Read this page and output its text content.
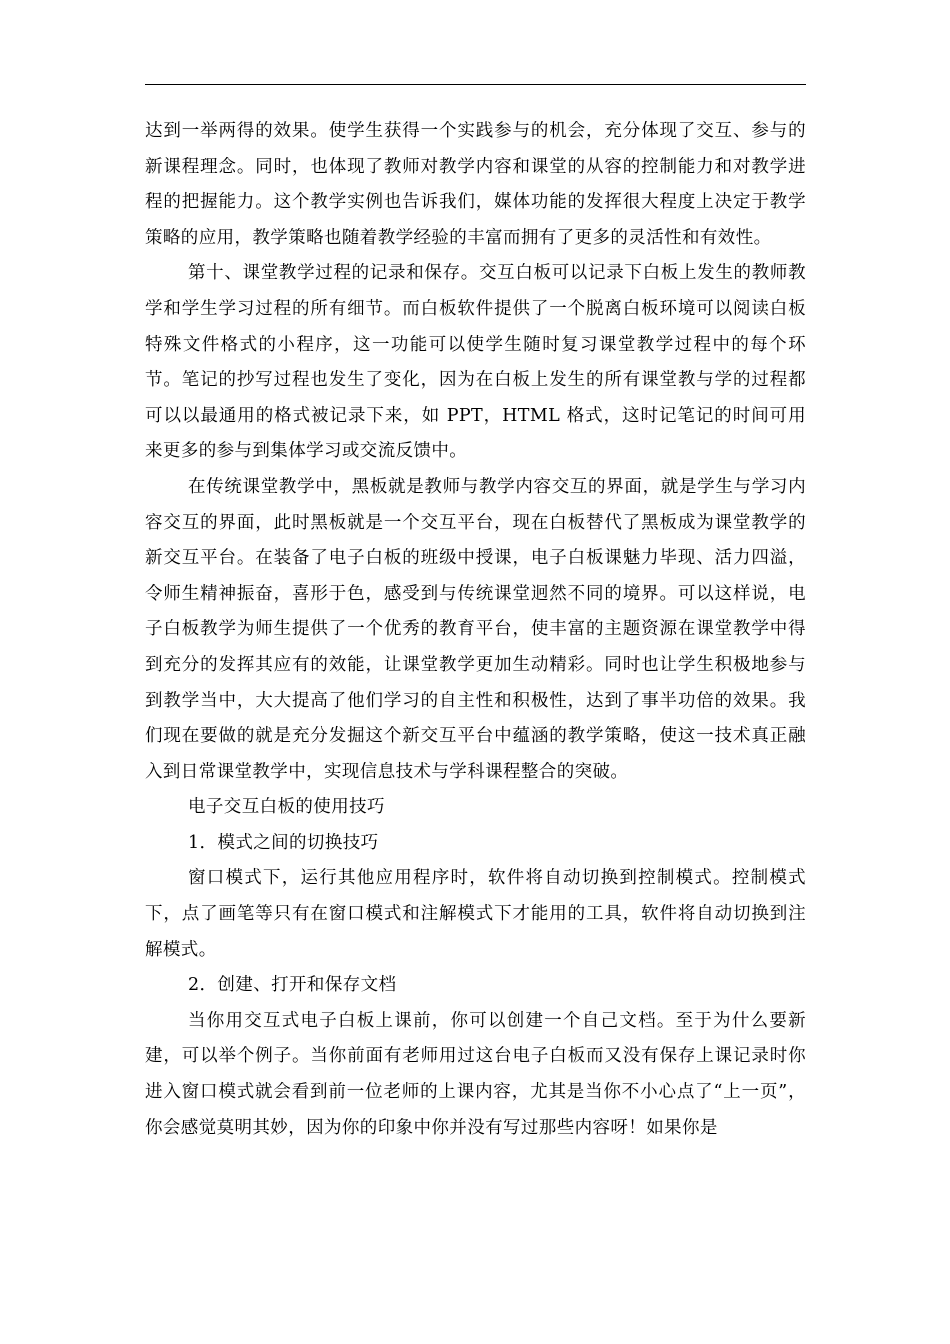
达到一举两得的效果。使学生获得一个实践参与的机会，充分体现了交互、参与的新课程理念。同时，也体现了教师对教学内容和课堂的从容的控制能力和对教学进程的把握能力。这个教学实例也告诉我们，媒体功能的发挥很大程度上决定于教学策略的应用，教学策略也随着教学经验的丰富而拥有了更多的灵活性和有效性。

第十、课堂教学过程的记录和保存。交互白板可以记录下白板上发生的教师教学和学生学习过程的所有细节。而白板软件提供了一个脱离白板环境可以阅读白板特殊文件格式的小程序，这一功能可以使学生随时复习课堂教学过程中的每个环节。笔记的抄写过程也发生了变化，因为在白板上发生的所有课堂教与学的过程都可以以最通用的格式被记录下来，如 PPT，HTML 格式，这时记笔记的时间可用来更多的参与到集体学习或交流反馈中。

在传统课堂教学中，黑板就是教师与教学内容交互的界面，就是学生与学习内容交互的界面，此时黑板就是一个交互平台，现在白板替代了黑板成为课堂教学的新交互平台。在装备了电子白板的班级中授课，电子白板课魅力毕现、活力四溢，令师生精神振奋，喜形于色，感受到与传统课堂迥然不同的境界。可以这样说，电子白板教学为师生提供了一个优秀的教育平台，使丰富的主题资源在课堂教学中得到充分的发挥其应有的效能，让课堂教学更加生动精彩。同时也让学生积极地参与到教学当中，大大提高了他们学习的自主性和积极性，达到了事半功倍的效果。我们现在要做的就是充分发掘这个新交互平台中蕴涵的教学策略，使这一技术真正融入到日常课堂教学中，实现信息技术与学科课程整合的突破。

电子交互白板的使用技巧

1．模式之间的切换技巧

窗口模式下，运行其他应用程序时，软件将自动切换到控制模式。控制模式下，点了画笔等只有在窗口模式和注解模式下才能用的工具，软件将自动切换到注解模式。

2．创建、打开和保存文档

当你用交互式电子白板上课前，你可以创建一个自己文档。至于为什么要新建，可以举个例子。当你前面有老师用过这台电子白板而又没有保存上课记录时你进入窗口模式就会看到前一位老师的上课内容，尤其是当你不小心点了“上一页”，你会感觉莫明其妙，因为你的印象中你并没有写过那些内容呀！如果你是
